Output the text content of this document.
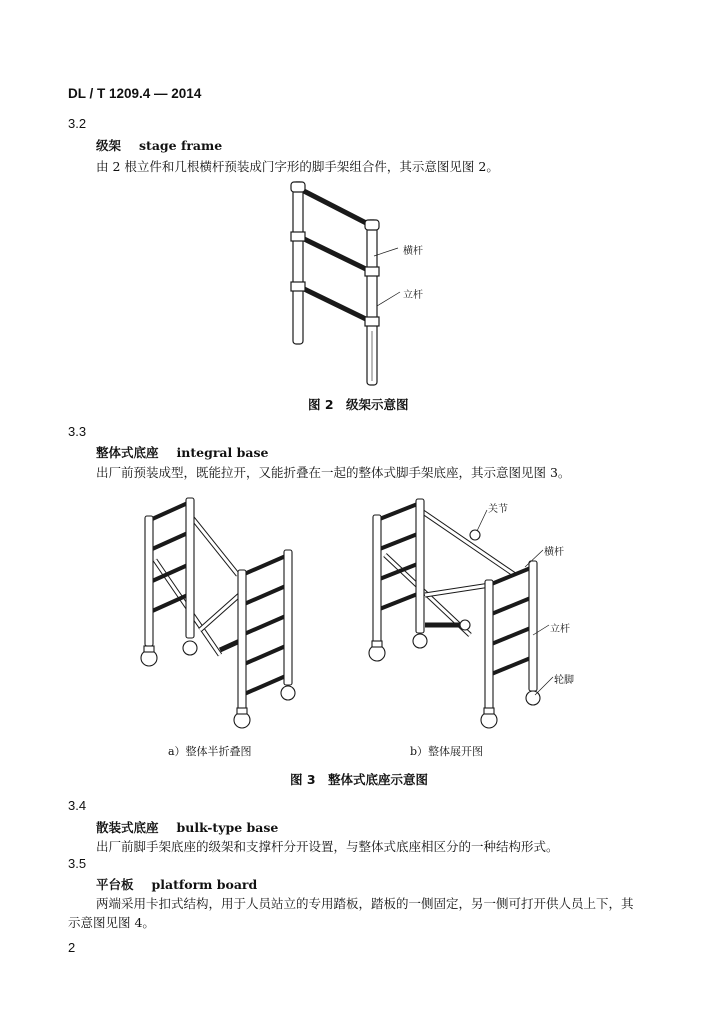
DL / T 1209.4 — 2014
3.2
级架 stage frame
由 2 根立件和几根横杆预装成门字形的脚手架组合件，其示意图见图 2。
横杆
立杆
图 2　级架示意图
3.3
整体式底座 integral base
出厂前预装成型，既能拉开，又能折叠在一起的整体式脚手架底座，其示意图见图 3。
a）整体半折叠图
关节
横杆
立杆
轮脚
b）整体展开图
图 3　整体式底座示意图
3.4
散装式底座 bulk-type base
出厂前脚手架底座的级架和支撑杆分开设置，与整体式底座相区分的一种结构形式。
3.5
平台板 platform board
两端采用卡扣式结构，用于人员站立的专用踏板，踏板的一侧固定，另一侧可打开供人员上下，其
示意图见图 4。
2
